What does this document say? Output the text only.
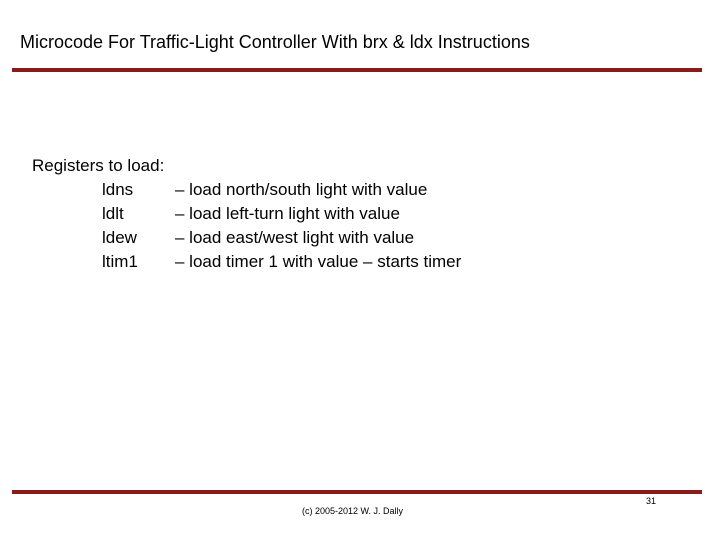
Microcode For Traffic-Light Controller With brx & ldx Instructions
Registers to load:
ldns	– load north/south light with value
ldlt	– load left-turn light with value
ldew	– load east/west light with value
ltim1	– load timer 1 with value – starts timer
(c) 2005-2012 W. J. Dally
31
